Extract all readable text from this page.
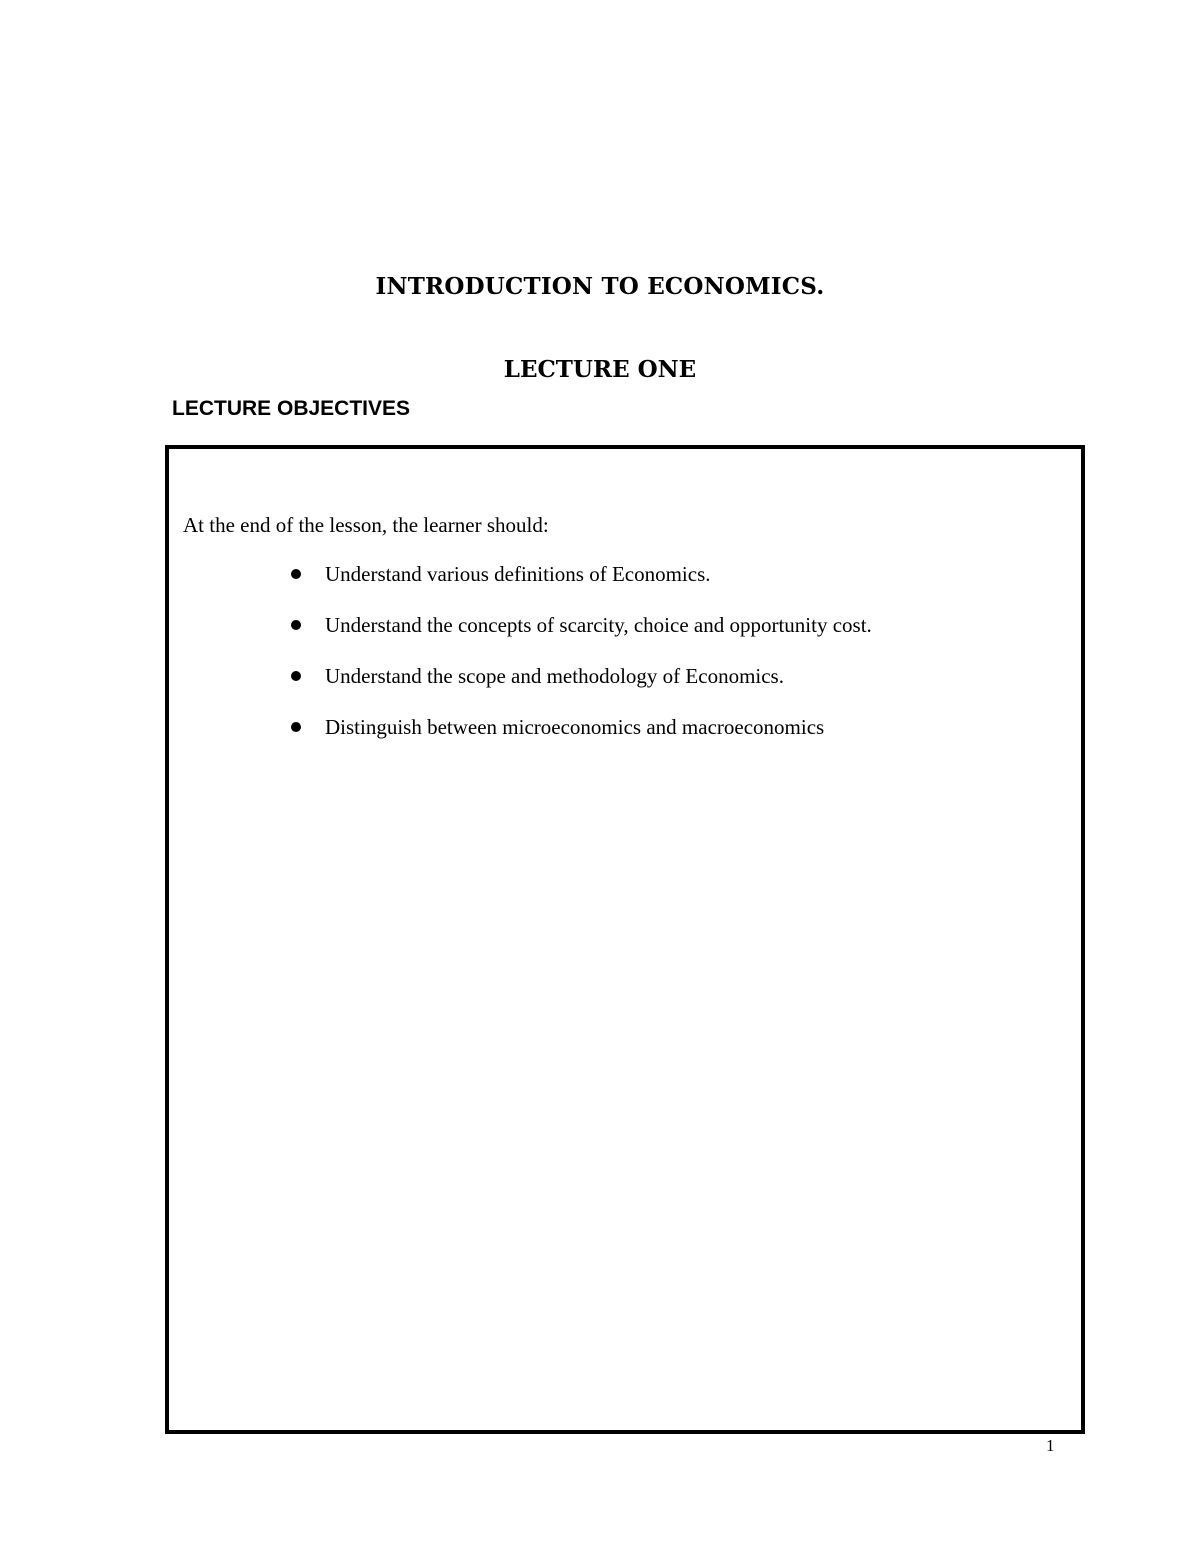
INTRODUCTION TO ECONOMICS.
LECTURE ONE
LECTURE OBJECTIVES
At the end of the lesson, the learner should:
Understand various definitions of Economics.
Understand the concepts of scarcity, choice and opportunity cost.
Understand the scope and methodology of Economics.
Distinguish between microeconomics and macroeconomics
1
